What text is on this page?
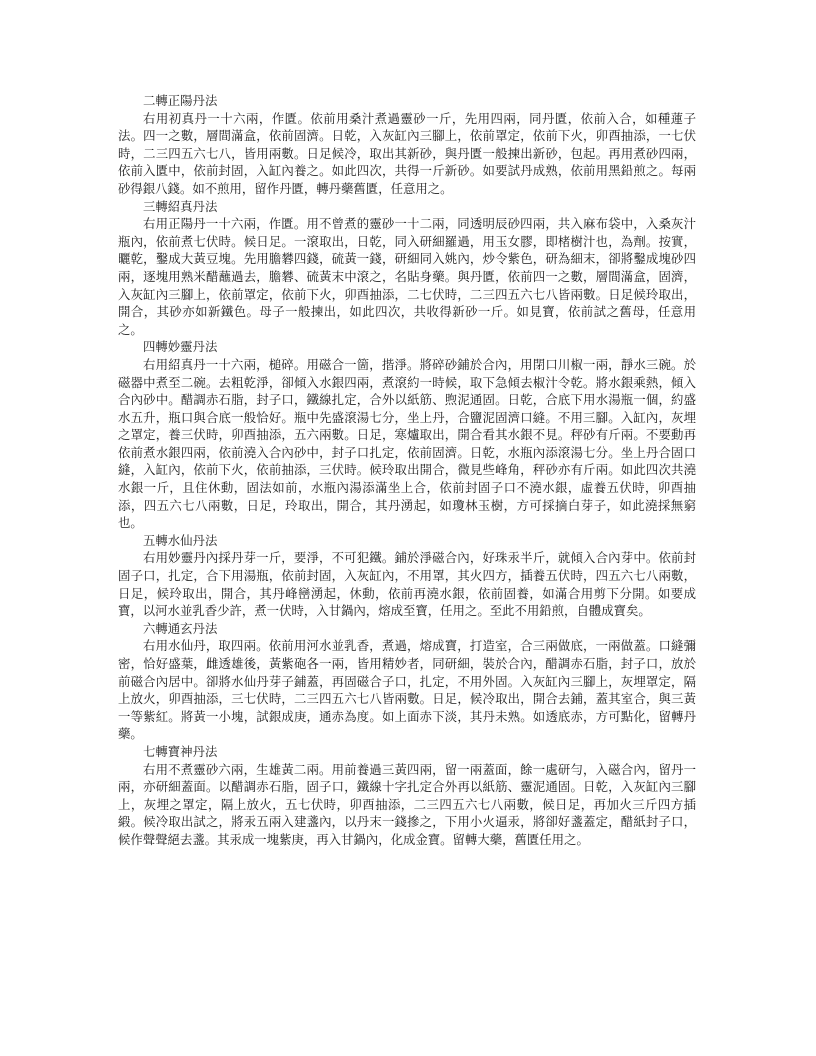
二轉正陽丹法

右用初真丹一十六兩，作匱。依前用桑汁煮過靈砂一斤，先用四兩，同丹匱，依前入合，如種蓮子法。四一之數，層間滿盒，依前固濟。日乾，入灰缸內三腳上，依前罩定，依前下火，卯酉抽添，一七伏時，二三四五六七八，皆用兩數。日足候冷，取出其新砂，與丹匱一般揀出新砂，包起。再用煮砂四兩，依前入匱中，依前封固，入缸內養之。如此四次，共得一斤新砂。如要試丹成熟，依前用黑鉛煎之。每兩砂得銀八錢。如不煎用，留作丹匱，轉丹藥舊匱，任意用之。

三轉紹真丹法

右用正陽丹一十六兩，作匱。用不曾煮的靈砂一十二兩，同透明辰砂四兩，共入麻布袋中，入桑灰汁瓶內，依前煮七伏時。候日足。一滾取出，日乾，同入研細羅過，用玉女膠，即楮樹汁也，為劑。按實，曬乾，鑿成大黃豆塊。先用膽礬四錢，硫黃一錢，研細同入姚內，炒令紫色，研為細末，卻將鑿成塊砂四兩，逐塊用熟米醋蘸過去，膽礬、硫黃末中滾之，名貼身藥。與丹匱，依前四一之數，層間滿盒，固濟，入灰缸內三腳上，依前罩定，依前下火，卯酉抽添，二七伏時，二三四五六七八皆兩數。日足候玲取出，開合，其砂亦如新鐵色。母子一般揀出，如此四次，共收得新砂一斤。如見寶，依前試之舊母，任意用之。

四轉妙靈丹法

右用紹真丹一十六兩，槌碎。用磁合一箇，揩淨。將碎砂鋪於合內，用閉口川椒一兩，靜水三碗。於磁器中煮至二碗。去粗乾淨，卻傾入水銀四兩，煮滾約一時候，取下急傾去椒汁令乾。將水銀乘熱，傾入合內砂中。醋調赤石脂，封子口，鐵線扎定，合外以紙筋、煦泥通固。日乾，合底下用水湯瓶一個，約盛水五升，瓶口與合底一般恰好。瓶中先盛滾湯七分，坐上丹，合鹽泥固濟口縫。不用三腳。入缸內，灰埋之罩定，養三伏時，卯酉抽添，五六兩數。日足，寒爐取出，開合看其水銀不見。秤砂有斤兩。不要動再依前煮水銀四兩，依前澆入合內砂中，封子口扎定，依前固濟。日乾，水瓶內添滾湯七分。坐上丹合固口縫，入缸內，依前下火，依前抽添，三伏時。候玲取出開合，微見些峰角，秤砂亦有斤兩。如此四次共澆水銀一斤，且住休動，固法如前，水瓶內湯添滿坐上合，依前封固子口不澆水銀，虛養五伏時，卯酉抽添，四五六七八兩數，日足，玲取出，開合，其丹湧起，如瓊林玉樹，方可採摘白芽子，如此澆採無窮也。

五轉水仙丹法

右用妙靈丹內採丹芽一斤，要淨，不可犯鐵。鋪於淨磁合內，好珠汞半斤，就傾入合內芽中。依前封固子口，扎定，合下用湯瓶，依前封固，入灰缸內，不用罩，其火四方，插養五伏時，四五六七八兩數，日足，候玲取出，開合，其丹峰巒湧起，休動，依前再澆水銀，依前固養，如滿合用剪下分開。如要成寶，以河水並乳香少許，煮一伏時，入甘鍋內，熔成至寶，任用之。至此不用鉛煎，自體成寶矣。

六轉通玄丹法

右用水仙丹，取四兩。依前用河水並乳香，煮過，熔成寶，打造室，合三兩做底，一兩做蓋。口縫彌密，恰好盛葉，雌透雄後，黃紫砲各一兩，皆用精妙者，同研細，裝於合內，醋調赤石脂，封子口，放於前磁合內居中。卻將水仙丹芽子鋪蓋，再固磁合子口，扎定，不用外固。入灰缸內三腳上，灰埋罩定，隔上放火，卯酉抽添，三七伏時，二三四五六七八皆兩數。日足，候冷取出，開合去鋪，蓋其室合，與三黃一等紫紅。將黃一小塊，試銀成庚，通赤為度。如上面赤下淡，其丹未熟。如透底赤，方可點化，留轉丹藥。

七轉寶神丹法

右用不煮靈砂六兩，生雄黃二兩。用前養過三黃四兩，留一兩蓋面，餘一處研勻，入磁合內，留丹一兩，亦研細蓋面。以醋調赤石脂，固子口，鐵線十字扎定合外再以紙筋、靈泥通固。日乾，入灰缸內三腳上，灰埋之罩定，隔上放火，五七伏時，卯酉抽添，二三四五六七八兩數，候日足，再加火三斤四方插緞。候冷取出試之，將汞五兩入建盞內，以丹末一錢摻之，下用小火逼汞，將卻好盞蓋定，醋紙封子口，候作聲聲絕去盞。其汞成一塊紫庚，再入甘鍋內，化成金寶。留轉大藥，舊匱任用之。
